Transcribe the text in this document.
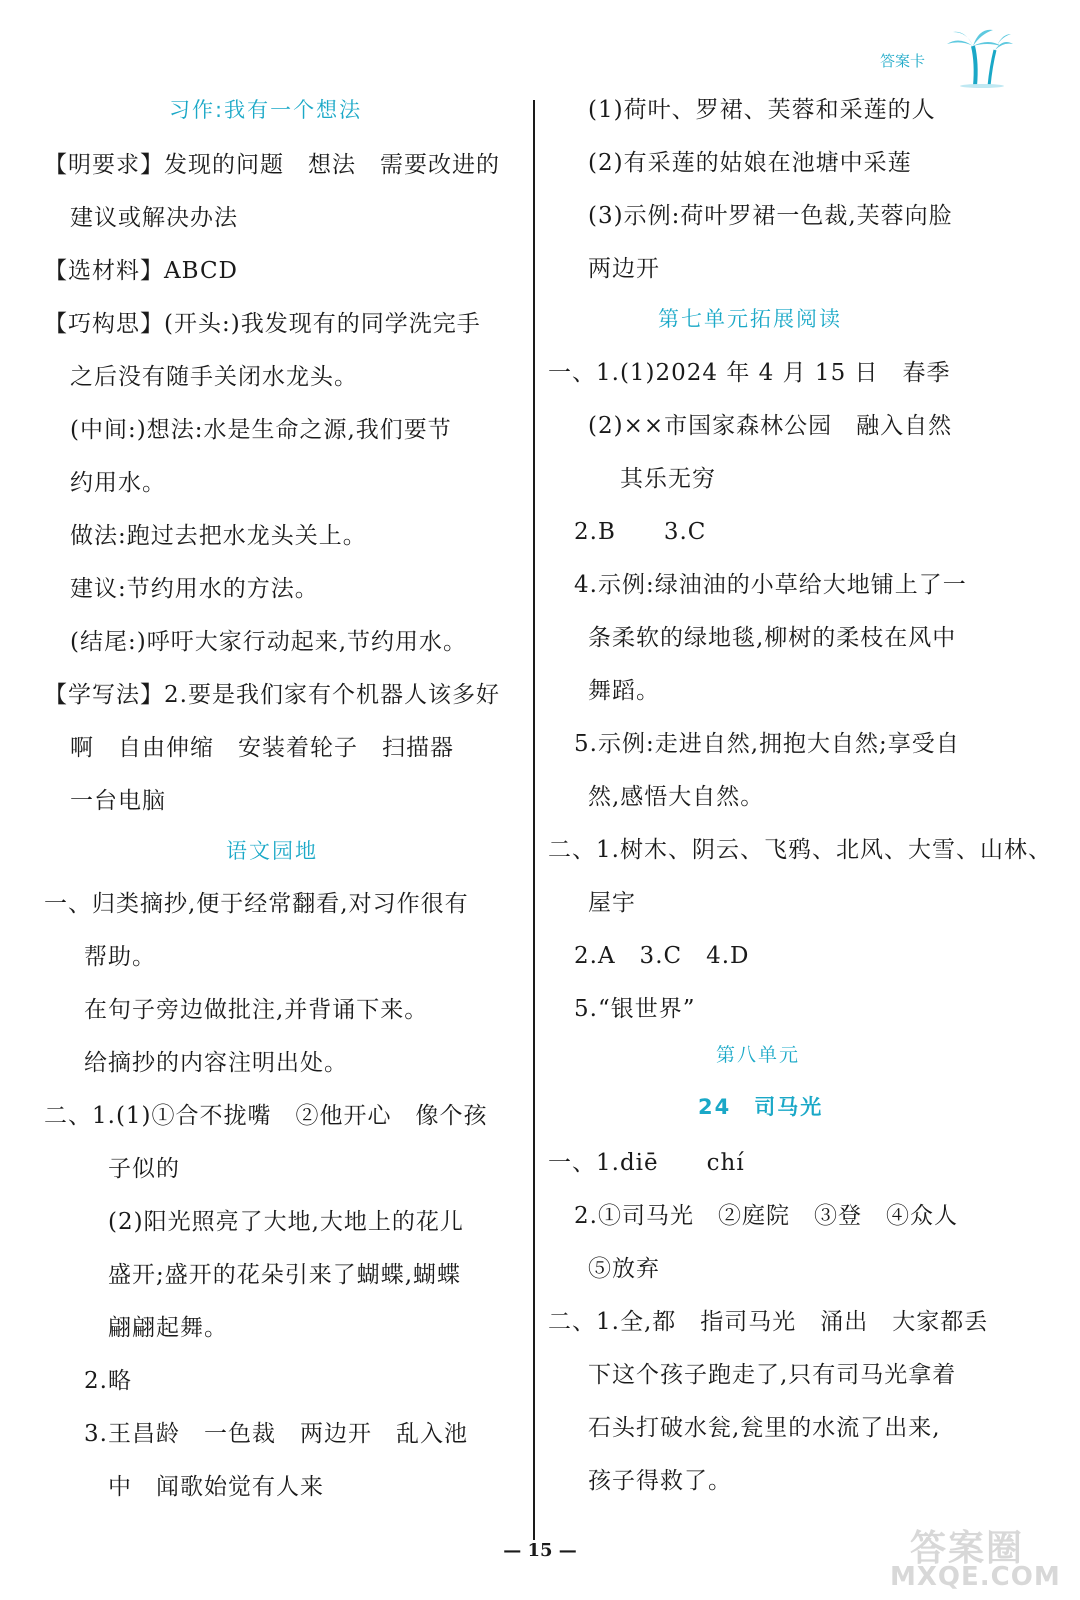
答案卡
习作:我有一个想法
【明要求】发现的问题　想法　需要改进的
建议或解决办法
【选材料】ABCD
【巧构思】(开头:)我发现有的同学洗完手
之后没有随手关闭水龙头。
(中间:)想法:水是生命之源,我们要节
约用水。
做法:跑过去把水龙头关上。
建议:节约用水的方法。
(结尾:)呼吁大家行动起来,节约用水。
【学写法】2.要是我们家有个机器人该多好
啊　自由伸缩　安装着轮子　扫描器
一台电脑
语文园地
一、归类摘抄,便于经常翻看,对习作很有
帮助。
在句子旁边做批注,并背诵下来。
给摘抄的内容注明出处。
二、1.(1)①合不拢嘴　②他开心　像个孩
子似的
(2)阳光照亮了大地,大地上的花儿
盛开;盛开的花朵引来了蝴蝶,蝴蝶
翩翩起舞。
2.略
3.王昌龄　一色裁　两边开　乱入池
中　闻歌始觉有人来
(1)荷叶、罗裙、芙蓉和采莲的人
(2)有采莲的姑娘在池塘中采莲
(3)示例:荷叶罗裙一色裁,芙蓉向脸
两边开
第七单元拓展阅读
一、1.(1)2024 年 4 月 15 日　春季
(2)××市国家森林公园　融入自然
其乐无穷
2.B　　3.C
4.示例:绿油油的小草给大地铺上了一
条柔软的绿地毯,柳树的柔枝在风中
舞蹈。
5.示例:走进自然,拥抱大自然;享受自
然,感悟大自然。
二、1.树木、阴云、飞鸦、北风、大雪、山林、
屋宇
2.A　3.C　4.D
5.“银世界”
第八单元
24　司马光
一、1.diē　　chí
2.①司马光　②庭院　③登　④众人
⑤放弃
二、1.全,都　指司马光　涌出　大家都丢
下这个孩子跑走了,只有司马光拿着
石头打破水瓮,瓮里的水流了出来,
孩子得救了。
— 15 —	答案圈
MXQE.COM
